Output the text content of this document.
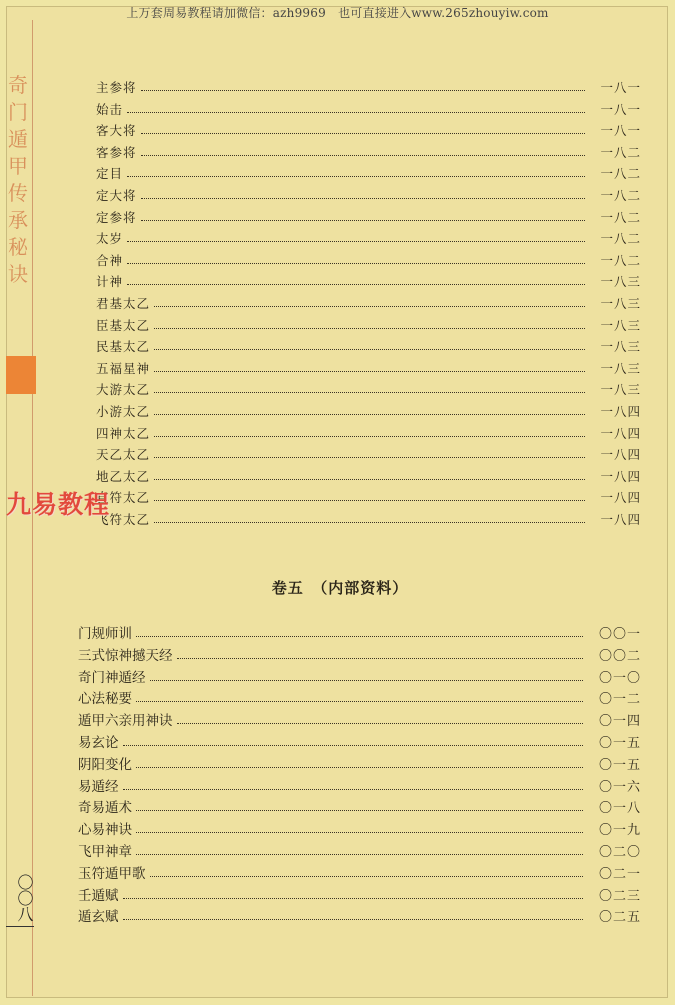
上万套周易教程请加微信：azh9969　也可直接进入www.265zhouyiw.com
奇门遁甲传承秘诀
〇〇八
主参将	一八一
始击	一八一
客大将	一八一
客参将	一八二
定目	一八二
定大将	一八二
定参将	一八二
太岁	一八二
合神	一八二
计神	一八三
君基太乙	一八三
臣基太乙	一八三
民基太乙	一八三
五福星神	一八三
大游太乙	一八三
小游太乙	一八四
四神太乙	一八四
天乙太乙	一八四
地乙太乙	一八四
直符太乙	一八四
飞符太乙	一八四
九易教程
卷五　（内部资料）
门规师训	〇〇一
三式惊神撼天经	〇〇二
奇门神遁经	〇一〇
心法秘要	〇一二
遁甲六亲用神诀	〇一四
易玄论	〇一五
阴阳变化	〇一五
易遁经	〇一六
奇易遁术	〇一八
心易神诀	〇一九
飞甲神章	〇二〇
玉符遁甲歌	〇二一
壬遁赋	〇二三
遁玄赋	〇二五
